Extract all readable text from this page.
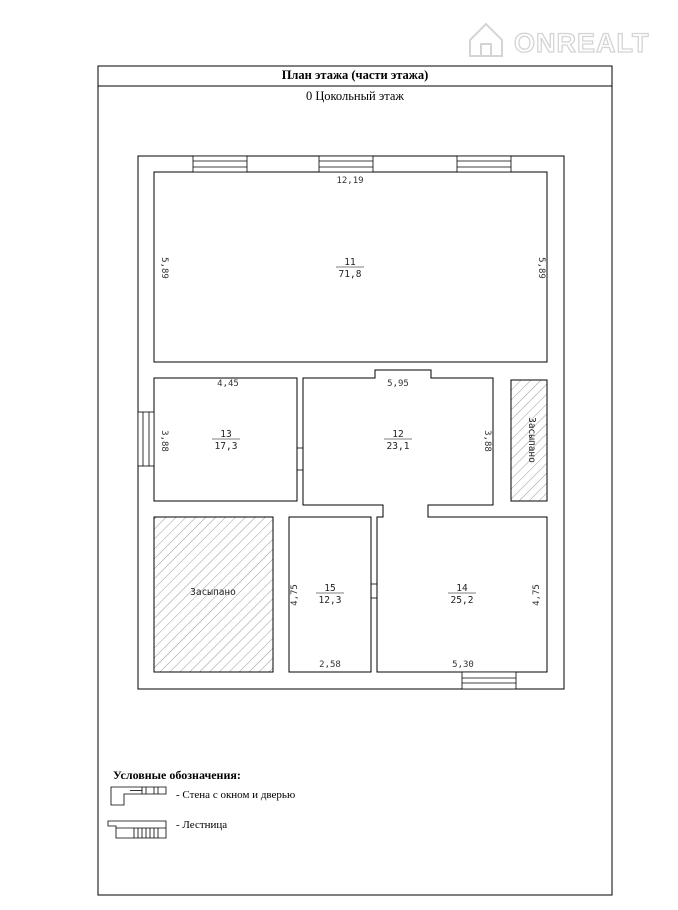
ONREALT
План этажа (части этажа)
0 Цокольный этаж
Засыпано
Засыпано
11
71,8
13
17,3
12
23,1
15
12,3
14
25,2
12,19
5,89	5,89
4,45
3,88
5,95
3,88
4,75
2,58
4,75
5,30
Условные обозначения:
- Стена с окном и дверью
- Лестница
